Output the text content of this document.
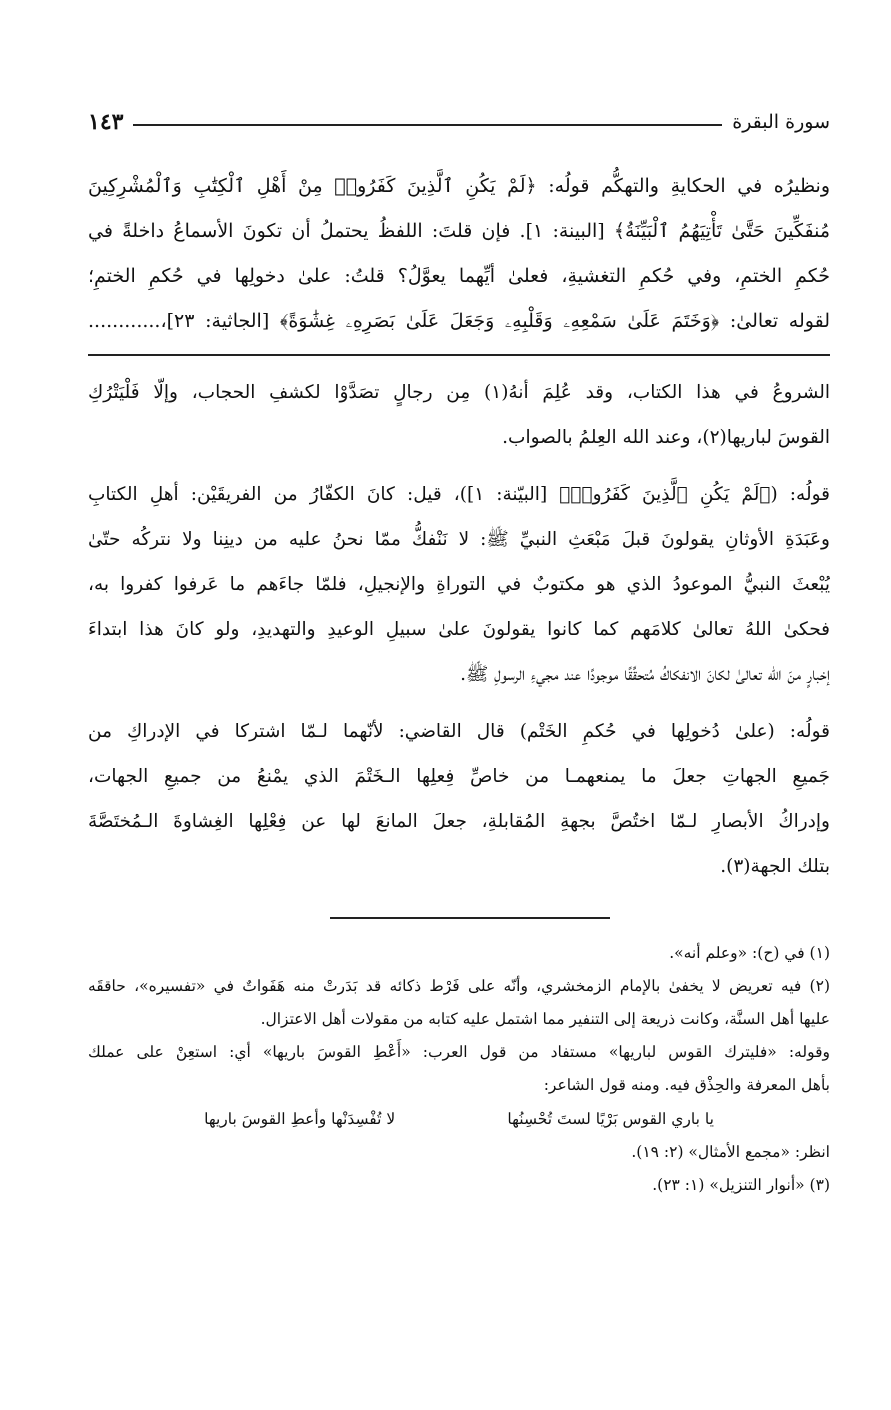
سورة البقرة
١٤٣
ونظيرُه في الحكايةِ والتهكُّم قولُه: ﴿لَمْ يَكُنِ ٱلَّذِينَ كَفَرُوا۟ مِنْ أَهْلِ ٱلْكِتَٰبِ وَٱلْمُشْرِكِينَ
مُنفَكِّينَ حَتَّىٰ تَأْتِيَهُمُ ٱلْبَيِّنَةُ﴾ [البينة: ١]. فإن قلتَ: اللفظُ يحتملُ أن تكونَ الأسماعُ داخلةً في
حُكمِ الختمِ، وفي حُكمِ التغشيةِ، فعلىٰ أيِّهما يعوَّلُ؟ قلتُ: علىٰ دخولِها في حُكمِ الختمِ؛
لقوله تعالىٰ: ﴿وَخَتَمَ عَلَىٰ سَمْعِهِۦ وَقَلْبِهِۦ وَجَعَلَ عَلَىٰ بَصَرِهِۦ غِشَٰوَةً﴾ [الجاثية: ٢٣]،............
الشروعُ في هذا الكتاب، وقد عُلِمَ أنهُ(١) مِن رجالٍ تصَدَّوْا لكشفِ الحجاب، وإلّا فَلْيَتْرُكِ
القوسَ لباريها(٢)، وعند الله العِلمُ بالصواب.
قولُه: (﴿لَمْ يَكُنِ ٱلَّذِينَ كَفَرُوا۟﴾ [البيّنة: ١])، قيل: كانَ الكفّارُ من الفريقَيْن: أهلِ الكتابِ
وعَبَدَةِ الأوثانِ يقولونَ قبلَ مَبْعَثِ النبيِّ ﷺ: لا نَنْفكُّ ممّا نحنُ عليه من دينِنا ولا نتركُه حتّىٰ
يُبْعثَ النبيُّ الموعودُ الذي هو مكتوبٌ في التوراةِ والإنجيلِ، فلمّا جاءَهم ما عَرفوا كفروا به،
فحكىٰ اللهُ تعالىٰ كلامَهم كما كانوا يقولونَ علىٰ سبيلِ الوعيدِ والتهديدِ، ولو كانَ هذا ابتداءَ
إخبارٍ منَ الله تعالىٰ لكانَ الانفكاكُ مُتحقِّقًا موجودًا عند مجيءِ الرسولِ ﷺ.
قولُه: (علىٰ دُخولِها في حُكمِ الخَتْم) قال القاضي: لأنّهما لـمّا اشتركا في الإدراكِ من
جَميعِ الجهاتِ جعلَ ما يمنعهمـا من خاصِّ فِعلِها الـخَتْمَ الذي يمْنعُ من جميعِ الجهات،
وإدراكُ الأبصارِ لـمّا اختُصَّ بجهةِ المُقابلةِ، جعلَ المانعَ لها عن فِعْلِها الغِشاوةَ الـمُختَصَّةَ
بتلك الجهة(٣).
(١) في (ح): «وعلم أنه».
(٢) فيه تعريض لا يخفىٰ بالإمام الزمخشري، وأنّه على فَرْط ذكائه قد بَدَرتْ منه هَفَواتٌ في «تفسيره»، حاققَه
عليها أهل السنَّة، وكانت ذريعة إلى التنفير مما اشتمل عليه كتابه من مقولات أهل الاعتزال.
وقوله: «فليترك القوس لباريها» مستفاد من قول العرب: «أَعْطِ القوسَ باريها» أي: استعِنْ على عملك
بأهل المعرفة والحِذْق فيه. ومنه قول الشاعر:
يا باري القوس بَرْيًا لستَ تُحْسِنُها
لا تُفْسِدَنْها وأعطِ القوسَ باريها
انظر: «مجمع الأمثال» (٢: ١٩).
(٣) «أنوار التنزيل» (١: ٢٣).
